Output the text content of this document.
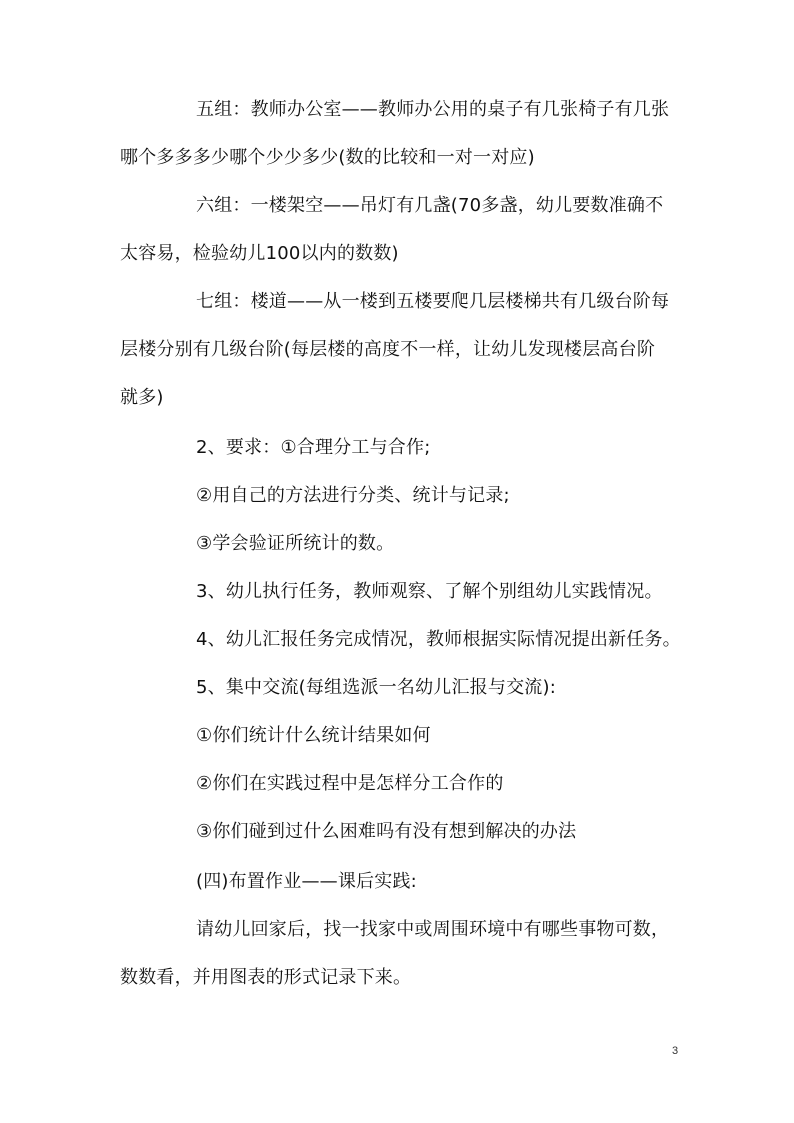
五组：教师办公室——教师办公用的桌子有几张椅子有几张
哪个多多多少哪个少少多少(数的比较和一对一对应)
六组：一楼架空——吊灯有几盏(70多盏，幼儿要数准确不
太容易，检验幼儿100以内的数数)
七组：楼道——从一楼到五楼要爬几层楼梯共有几级台阶每
层楼分别有几级台阶(每层楼的高度不一样，让幼儿发现楼层高台阶
就多)
2、要求：①合理分工与合作;
②用自己的方法进行分类、统计与记录;
③学会验证所统计的数。
3、幼儿执行任务，教师观察、了解个别组幼儿实践情况。
4、幼儿汇报任务完成情况，教师根据实际情况提出新任务。
5、集中交流(每组选派一名幼儿汇报与交流):
①你们统计什么统计结果如何
②你们在实践过程中是怎样分工合作的
③你们碰到过什么困难吗有没有想到解决的办法
(四)布置作业——课后实践:
请幼儿回家后，找一找家中或周围环境中有哪些事物可数，
数数看，并用图表的形式记录下来。
3
